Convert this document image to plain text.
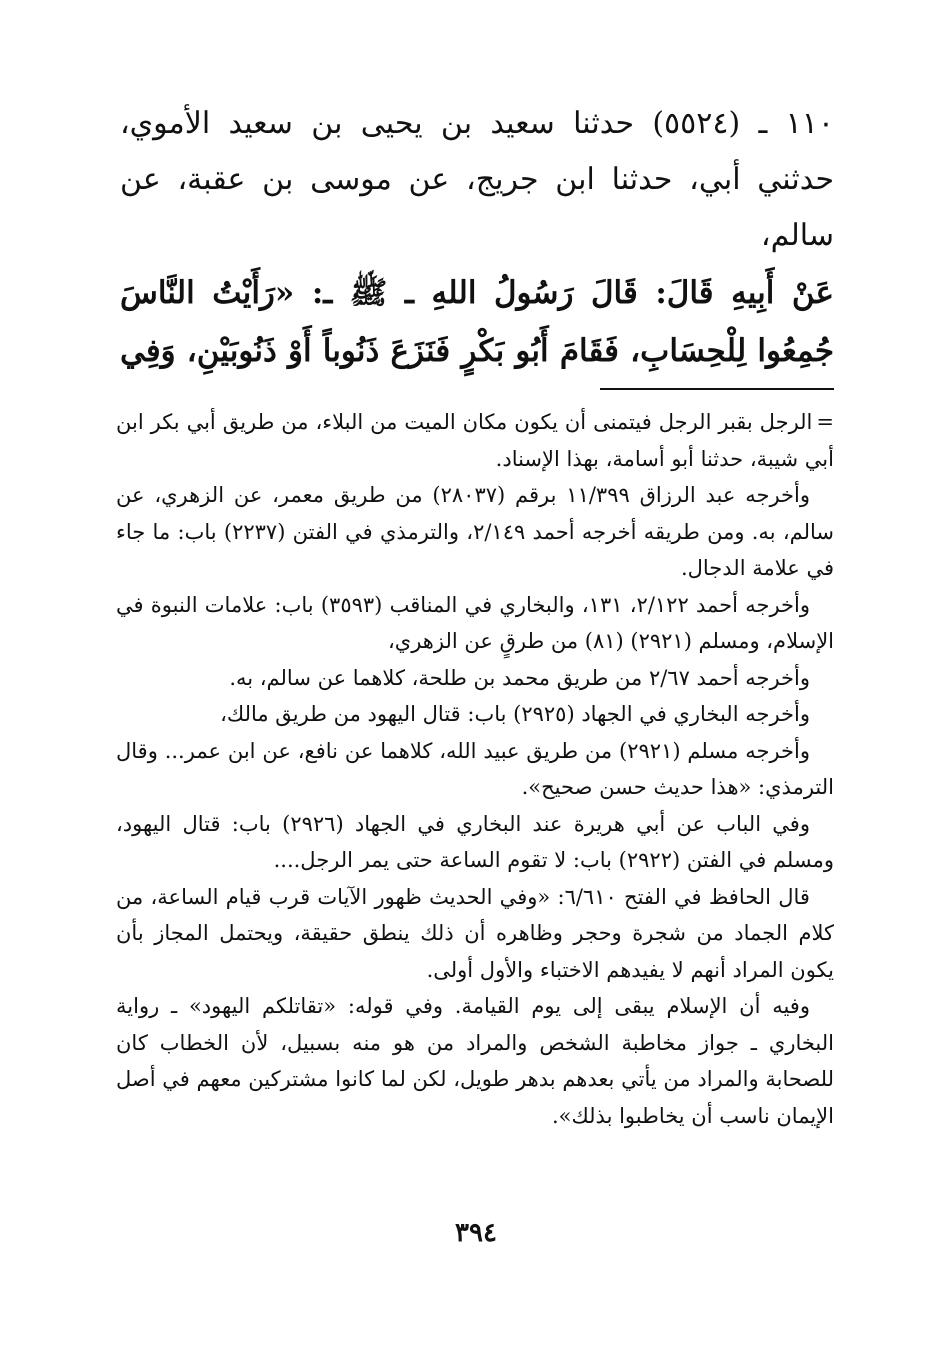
١١٠ ـ (٥٥٢٤) حدثنا سعيد بن يحيى بن سعيد الأموي، حدثني أبي، حدثنا ابن جريج، عن موسى بن عقبة، عن سالم،

عَنْ أَبِيهِ قَالَ: قَالَ رَسُولُ اللهِ ـ ﷺ ـ: «رَأَيْتُ النَّاسَ جُمِعُوا لِلْحِسَابِ، فَقَامَ أَبُو بَكْرٍ فَنَزَعَ ذَنُوباً أَوْ ذَنُوبَيْنِ، وَفِي

=الرجل بقبر الرجل فيتمنى أن يكون مكان الميت من البلاء، من طريق أبي بكر ابن أبي شيبة، حدثنا أبو أسامة، بهذا الإسناد.

وأخرجه عبد الرزاق ١١/٣٩٩ برقم (٢٨٠٣٧) من طريق معمر، عن الزهري، عن سالم، به. ومن طريقه أخرجه أحمد ٢/١٤٩، والترمذي في الفتن (٢٢٣٧) باب: ما جاء في علامة الدجال.

وأخرجه أحمد ٢/١٢٢، ١٣١، والبخاري في المناقب (٣٥٩٣) باب: علامات النبوة في الإسلام، ومسلم (٢٩٢١) (٨١) من طرقٍ عن الزهري،

وأخرجه أحمد ٢/٦٧ من طريق محمد بن طلحة، كلاهما عن سالم، به.

وأخرجه البخاري في الجهاد (٢٩٢٥) باب: قتال اليهود من طريق مالك،

وأخرجه مسلم (٢٩٢١) من طريق عبيد الله، كلاهما عن نافع، عن ابن عمر... وقال الترمذي: «هذا حديث حسن صحيح».

وفي الباب عن أبي هريرة عند البخاري في الجهاد (٢٩٢٦) باب: قتال اليهود، ومسلم في الفتن (٢٩٢٢) باب: لا تقوم الساعة حتى يمر الرجل....

قال الحافظ في الفتح ٦/٦١٠: «وفي الحديث ظهور الآيات قرب قيام الساعة، من كلام الجماد من شجرة وحجر وظاهره أن ذلك ينطق حقيقة، ويحتمل المجاز بأن يكون المراد أنهم لا يفيدهم الاختباء والأول أولى.

وفيه أن الإسلام يبقى إلى يوم القيامة. وفي قوله: «تقاتلكم اليهود» ـ رواية البخاري ـ جواز مخاطبة الشخص والمراد من هو منه بسبيل، لأن الخطاب كان للصحابة والمراد من يأتي بعدهم بدهر طويل، لكن لما كانوا مشتركين معهم في أصل الإيمان ناسب أن يخاطبوا بذلك».

٣٩٤
